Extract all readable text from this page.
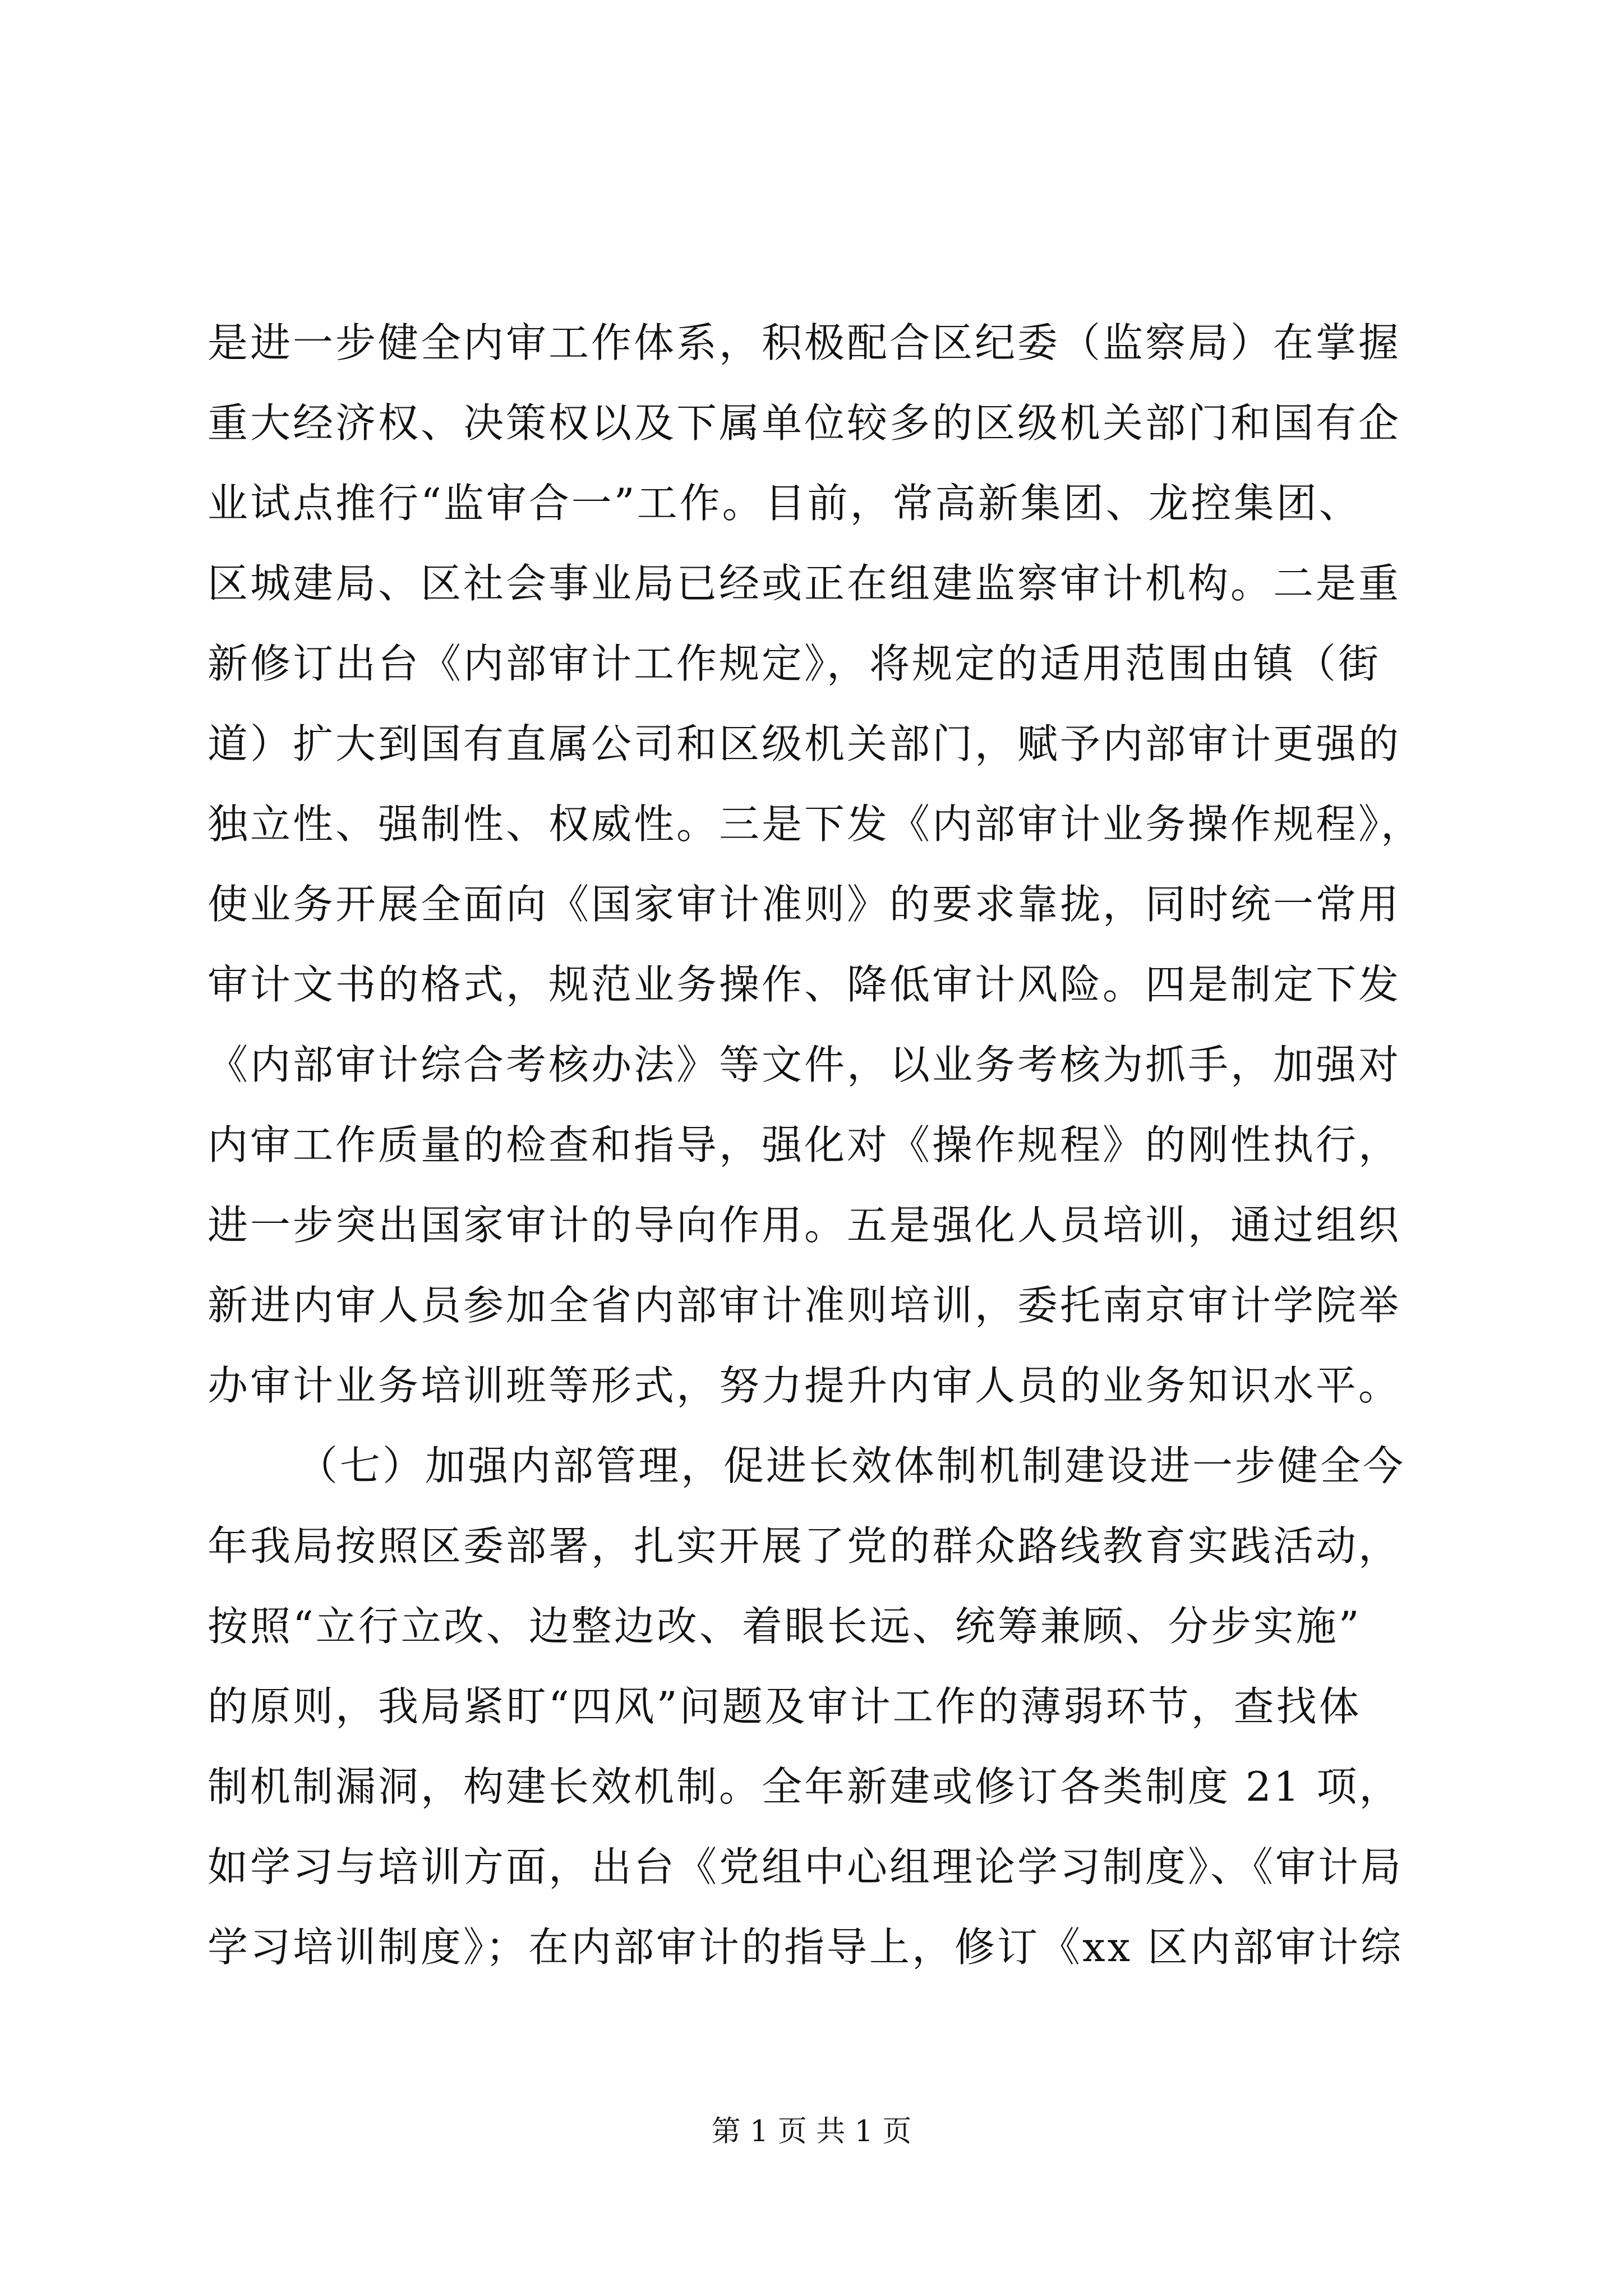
是进一步健全内审工作体系，积极配合区纪委（监察局）在掌握
重大经济权、决策权以及下属单位较多的区级机关部门和国有企
业试点推行“监审合一”工作。目前，常高新集团、龙控集团、
区城建局、区社会事业局已经或正在组建监察审计机构。二是重
新修订出台《内部审计工作规定》，将规定的适用范围由镇（街
道）扩大到国有直属公司和区级机关部门，赋予内部审计更强的
独立性、强制性、权威性。三是下发《内部审计业务操作规程》，
使业务开展全面向《国家审计准则》的要求靠拢，同时统一常用
审计文书的格式，规范业务操作、降低审计风险。四是制定下发
《内部审计综合考核办法》等文件，以业务考核为抓手，加强对
内审工作质量的检查和指导，强化对《操作规程》的刚性执行，
进一步突出国家审计的导向作用。五是强化人员培训，通过组织
新进内审人员参加全省内部审计准则培训，委托南京审计学院举
办审计业务培训班等形式，努力提升内审人员的业务知识水平。
（七）加强内部管理，促进长效体制机制建设进一步健全今
年我局按照区委部署，扎实开展了党的群众路线教育实践活动，
按照“立行立改、边整边改、着眼长远、统筹兼顾、分步实施”
的原则，我局紧盯“四风”问题及审计工作的薄弱环节，查找体
制机制漏洞，构建长效机制。全年新建或修订各类制度 21 项，
如学习与培训方面，出台《党组中心组理论学习制度》、《审计局
学习培训制度》；在内部审计的指导上，修订《xx 区内部审计综
第 1 页 共 1 页
